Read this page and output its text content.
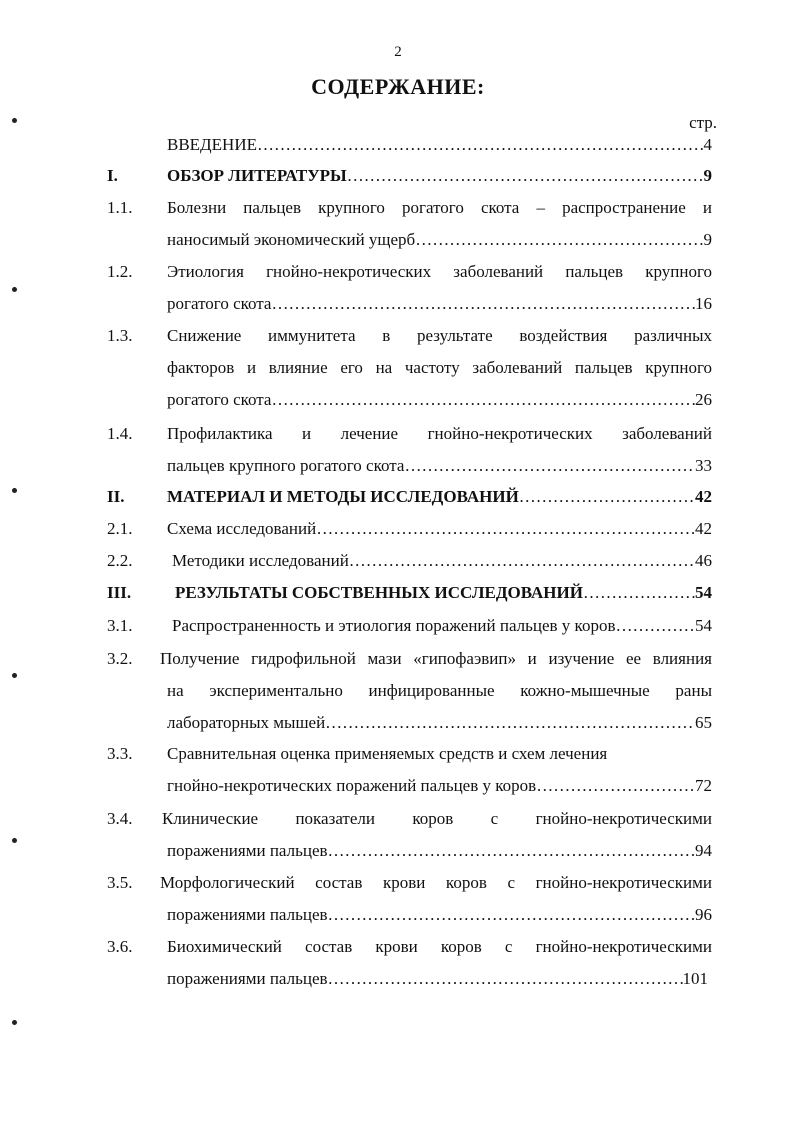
2
СОДЕРЖАНИЕ:
стр.
ВВЕДЕНИЕ …………………………………………………………………………………………………………………………	4
I.	ОБЗОР ЛИТЕРАТУРЫ …………………………………………………………………………………………………………………………	9
1.1. Болезни пальцев крупного рогатого скота – распространение и
наносимый экономический ущерб …………………………………………………………………………………………………………………………	9
1.2. Этиология гнойно-некротических заболеваний пальцев крупного
рогатого скота …………………………………………………………………………………………………………………………	16
1.3. Снижение иммунитета в результате воздействия различных
факторов и влияние его на частоту заболеваний пальцев крупного
рогатого скота …………………………………………………………………………………………………………………………	26
1.4. Профилактика и лечение гнойно-некротических заболеваний
пальцев крупного рогатого скота …………………………………………………………………………………………………………………………	33
II.	МАТЕРИАЛ И МЕТОДЫ ИССЛЕДОВАНИЙ …………………………………………………………………………………………………………………………	42
2.1. Схема исследований …………………………………………………………………………………………………………………………	42
2.2. Методики исследований …………………………………………………………………………………………………………………………	46
III.	РЕЗУЛЬТАТЫ СОБСТВЕННЫХ ИССЛЕДОВАНИЙ …………………………………………………………………………………………………………………………	54
3.1. Распространенность и этиология поражений пальцев у коров …………………………………………………………………………………………………………………………	54
3.2. Получение гидрофильной мази «гипофаэвип» и изучение ее влияния
на экспериментально инфицированные кожно-мышечные раны
лабораторных мышей …………………………………………………………………………………………………………………………	65
3.3. Сравнительная оценка применяемых средств и схем лечения
гнойно-некротических поражений пальцев у коров …………………………………………………………………………………………………………………………	72
3.4. Клинические показатели коров с гнойно-некротическими
поражениями пальцев …………………………………………………………………………………………………………………………	94
3.5. Морфологический состав крови коров с гнойно-некротическими
поражениями пальцев …………………………………………………………………………………………………………………………	96
3.6. Биохимический состав крови коров с гнойно-некротическими
поражениями пальцев …………………………………………………………………………………………………………………………	101
